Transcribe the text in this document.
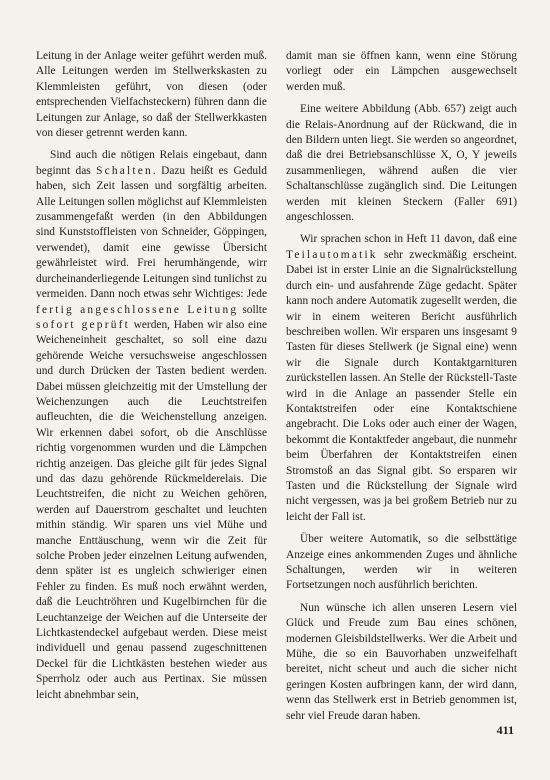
Leitung in der Anlage weiter geführt werden muß. Alle Leitungen werden im Stellwerkskasten zu Klemmleisten geführt, von diesen (oder entsprechenden Vielfachsteckern) führen dann die Leitungen zur Anlage, so daß der Stellwerkkasten von dieser getrennt werden kann.

Sind auch die nötigen Relais eingebaut, dann beginnt das Schalten. Dazu heißt es Geduld haben, sich Zeit lassen und sorgfältig arbeiten. Alle Leitungen sollen möglichst auf Klemmleisten zusammengefaßt werden (in den Abbildungen sind Kunststoffleisten von Schneider, Göppingen, verwendet), damit eine gewisse Übersicht gewährleistet wird. Frei herumhängende, wirr durcheinanderliegende Leitungen sind tunlichst zu vermeiden. Dann noch etwas sehr Wichtiges: Jede fertig angeschlossene Leitung sollte sofort geprüft werden, Haben wir also eine Weicheneinheit geschaltet, so soll eine dazu gehörende Weiche versuchsweise angeschlossen und durch Drücken der Tasten bedient werden. Dabei müssen gleichzeitig mit der Umstellung der Weichenzungen auch die Leuchtstreifen aufleuchten, die die Weichenstellung anzeigen. Wir erkennen dabei sofort, ob die Anschlüsse richtig vorgenommen wurden und die Lämpchen richtig anzeigen. Das gleiche gilt für jedes Signal und das dazu gehörende Rückmelderelais. Die Leuchtstreifen, die nicht zu Weichen gehören, werden auf Dauerstrom geschaltet und leuchten mithin ständig. Wir sparen uns viel Mühe und manche Enttäuschung, wenn wir die Zeit für solche Proben jeder einzelnen Leitung aufwenden, denn später ist es ungleich schwieriger einen Fehler zu finden. Es muß noch erwähnt werden, daß die Leuchtröhren und Kugelbirnchen für die Leuchtanzeige der Weichen auf die Unterseite der Lichtkastendeckel aufgebaut werden. Diese meist individuell und genau passend zugeschnittenen Deckel für die Lichtkästen bestehen wieder aus Sperrholz oder auch aus Pertinax. Sie müssen leicht abnehmbar sein,

damit man sie öffnen kann, wenn eine Störung vorliegt oder ein Lämpchen ausgewechselt werden muß.

Eine weitere Abbildung (Abb. 657) zeigt auch die Relais-Anordnung auf der Rückwand, die in den Bildern unten liegt. Sie werden so angeordnet, daß die drei Betriebsanschlüsse X, O, Y jeweils zusammenliegen, während außen die vier Schaltanschlüsse zugänglich sind. Die Leitungen werden mit kleinen Steckern (Faller 691) angeschlossen.

Wir sprachen schon in Heft 11 davon, daß eine Teilautomatik sehr zweckmäßig erscheint. Dabei ist in erster Linie an die Signalrückstellung durch ein- und ausfahrende Züge gedacht. Später kann noch andere Automatik zugesellt werden, die wir in einem weiteren Bericht ausführlich beschreiben wollen. Wir ersparen uns insgesamt 9 Tasten für dieses Stellwerk (je Signal eine) wenn wir die Signale durch Kontaktgarnituren zurückstellen lassen. An Stelle der Rückstell-Taste wird in die Anlage an passender Stelle ein Kontaktstreifen oder eine Kontaktschiene angebracht. Die Loks oder auch einer der Wagen, bekommt die Kontaktfeder angebaut, die nunmehr beim Überfahren der Kontaktstreifen einen Stromstoß an das Signal gibt. So ersparen wir Tasten und die Rückstellung der Signale wird nicht vergessen, was ja bei großem Betrieb nur zu leicht der Fall ist.

Über weitere Automatik, so die selbsttätige Anzeige eines ankommenden Zuges und ähnliche Schaltungen, werden wir in weiteren Fortsetzungen noch ausführlich berichten.

Nun wünsche ich allen unseren Lesern viel Glück und Freude zum Bau eines schönen, modernen Gleisbildstellwerks. Wer die Arbeit und Mühe, die so ein Bauvorhaben unzweifelhaft bereitet, nicht scheut und auch die sicher nicht geringen Kosten aufbringen kann, der wird dann, wenn das Stellwerk erst in Betrieb genommen ist, sehr viel Freude daran haben.

411
